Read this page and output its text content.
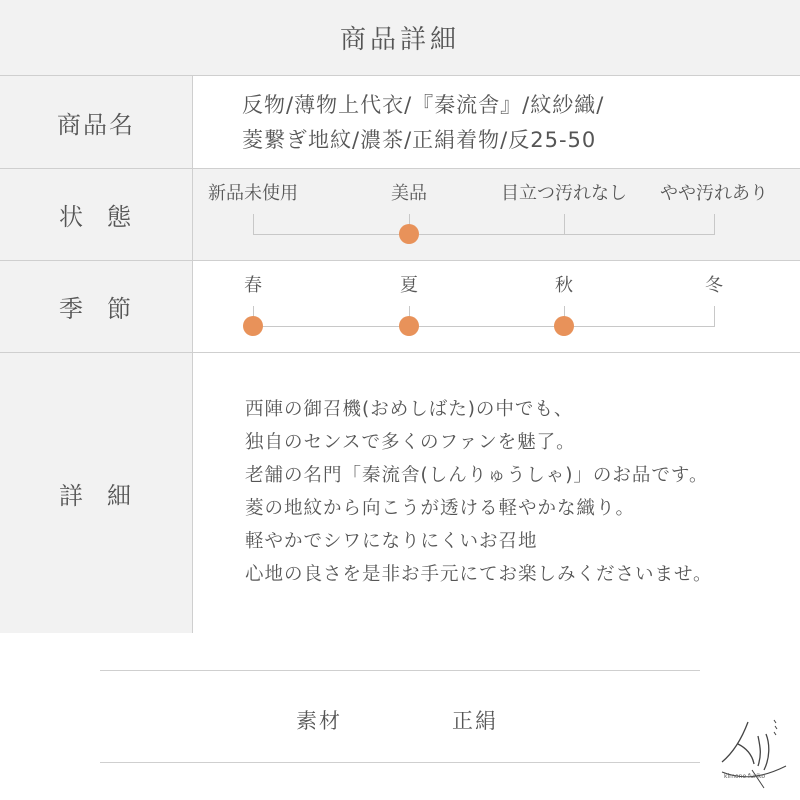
商品詳細
商品名
反物/薄物上代衣/『秦流舎』/紋紗織/
菱繋ぎ地紋/濃茶/正絹着物/反25-50
状 態
新品未使用	美品	目立つ汚れなし やや汚れあり
季 節
春	夏	秋	冬
詳 細
西陣の御召機(おめしばた)の中でも、
独自のセンスで多くのファンを魅了。
老舗の名門「秦流舎(しんりゅうしゃ)」のお品です。
菱の地紋から向こうが透ける軽やかな織り。
軽やかでシワになりにくいお召地
心地の良さを是非お手元にてお楽しみくださいませ。
素材	正絹
kimono furiko
